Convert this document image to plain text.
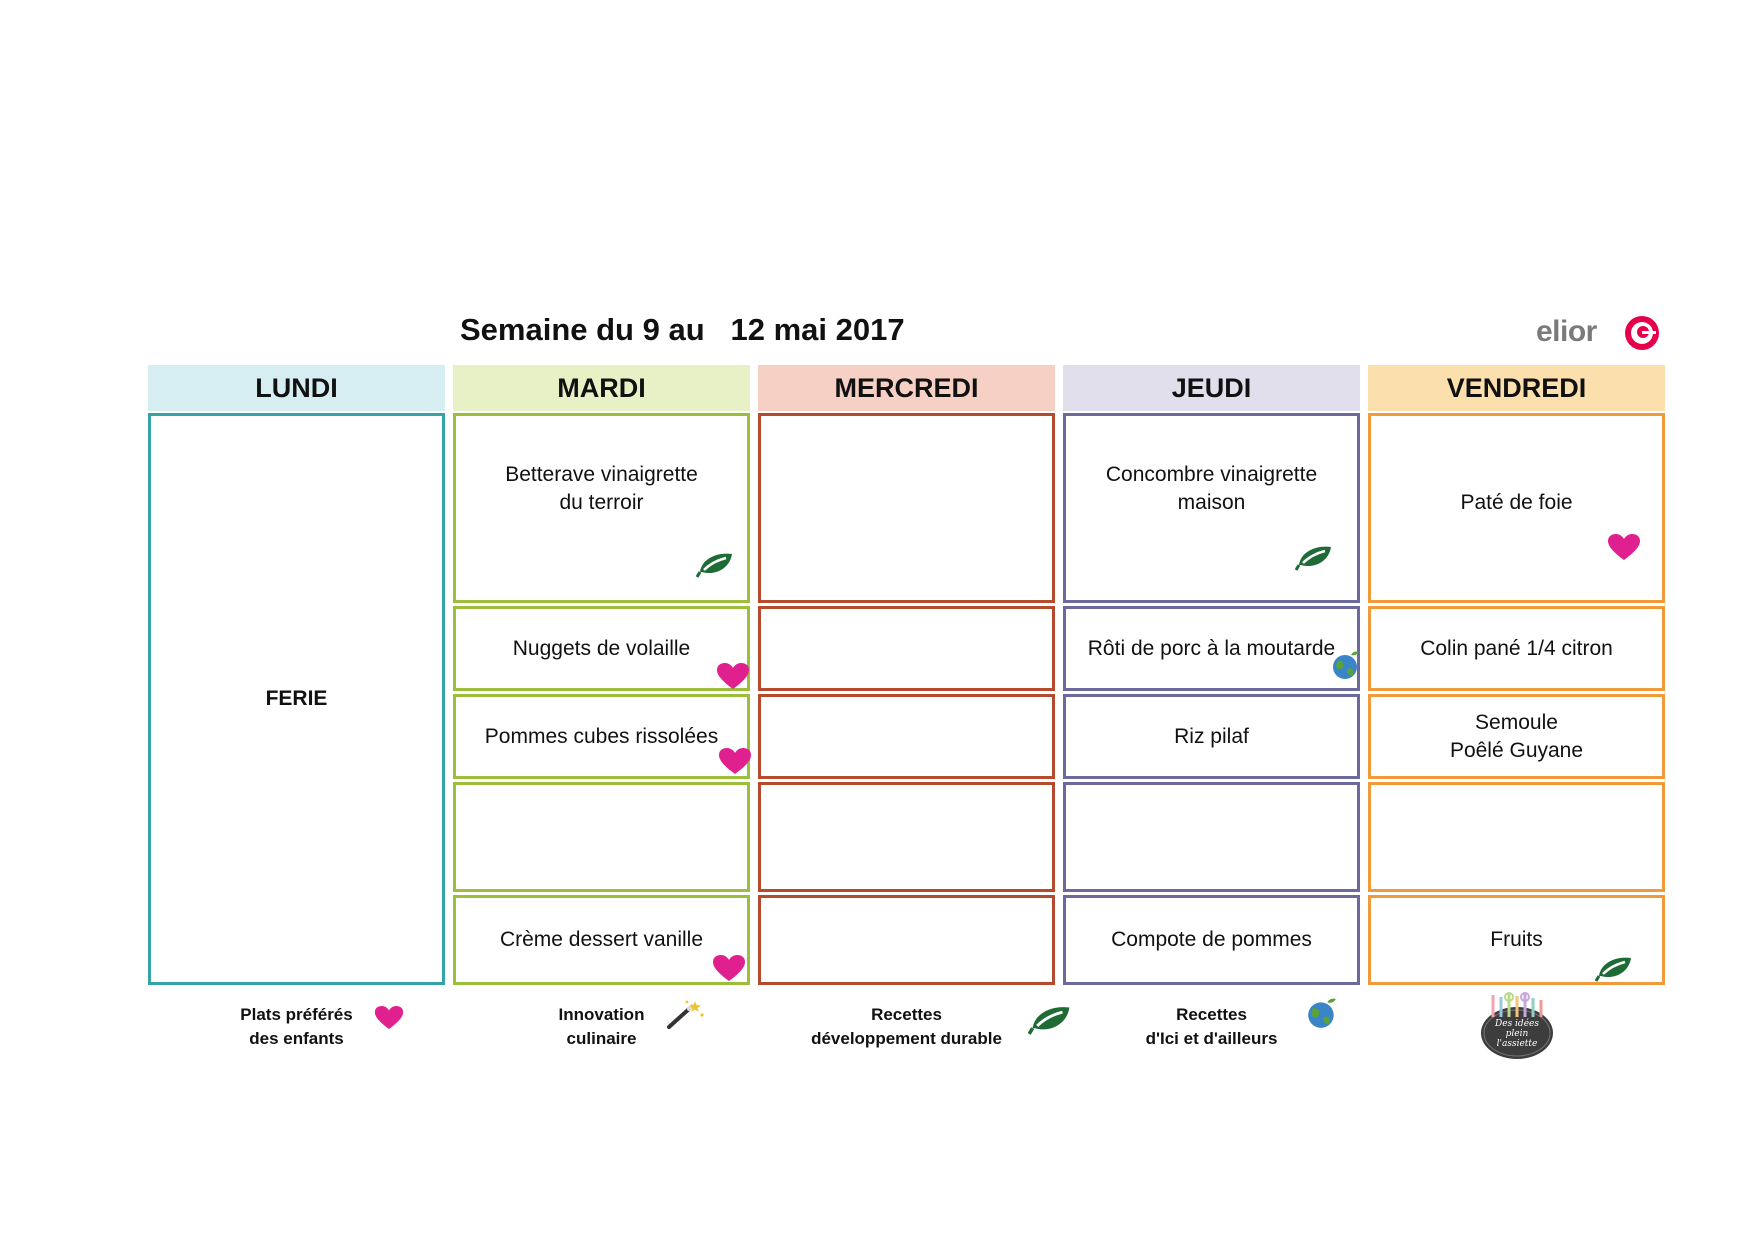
Semaine du 9 au   12 mai 2017	elior
LUNDI
FERIE
MARDI
Betterave vinaigrette
du terroir
Nuggets de volaille
Pommes cubes rissolées
Crème dessert vanille
MERCREDI	JEUDI
Concombre vinaigrette
maison
Rôti de porc à la moutarde
Riz pilaf
Compote de pommes
VENDREDI
Paté de foie
Colin pané 1/4 citron
Semoule
Poêlé Guyane
Fruits
Plats préférés
des enfants
Innovation
culinaire
Recettes
développement durable
Recettes
d'Ici et d'ailleurs
Des idées plein
l'assiette
